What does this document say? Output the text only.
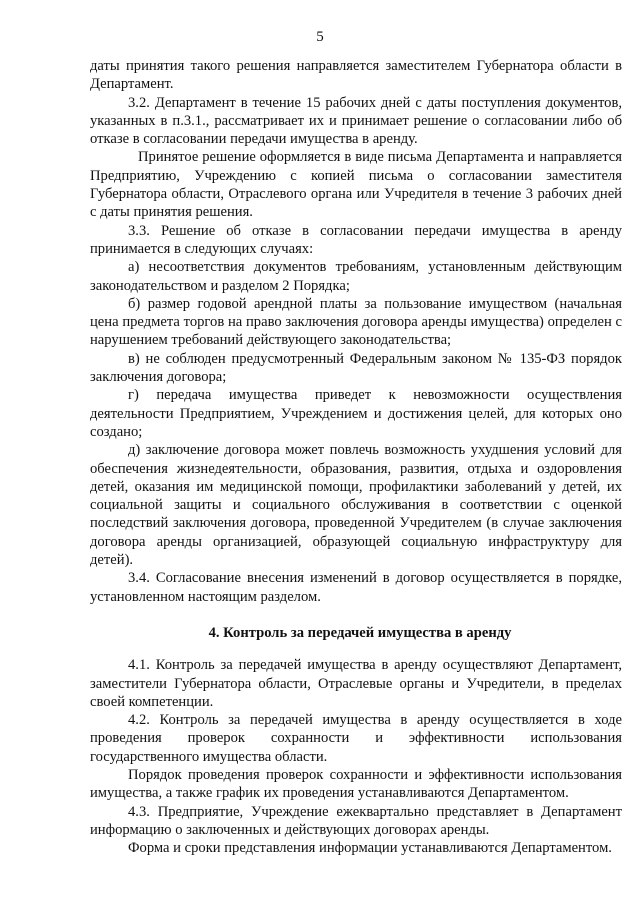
5

даты принятия такого решения направляется заместителем Губернатора области в Департамент.

3.2. Департамент в течение 15 рабочих дней с даты поступления документов, указанных в п.3.1., рассматривает их и принимает решение о согласовании либо об отказе в согласовании передачи имущества в аренду.

Принятое решение оформляется в виде письма Департамента и направляется Предприятию, Учреждению с копией письма о согласовании заместителя Губернатора области, Отраслевого органа или Учредителя в течение 3 рабочих дней с даты принятия решения.

3.3. Решение об отказе в согласовании передачи имущества в аренду принимается в следующих случаях:

а) несоответствия документов требованиям, установленным действующим законодательством и разделом 2 Порядка;

б) размер годовой арендной платы за пользование имуществом (начальная цена предмета торгов на право заключения договора аренды имущества) определен с нарушением требований действующего законодательства;

в) не соблюден предусмотренный Федеральным законом № 135-ФЗ порядок заключения договора;

г) передача имущества приведет к невозможности осуществления деятельности Предприятием, Учреждением и достижения целей, для которых оно создано;

д) заключение договора может повлечь возможность ухудшения условий для обеспечения жизнедеятельности, образования, развития, отдыха и оздоровления детей, оказания им медицинской помощи, профилактики заболеваний у детей, их социальной защиты и социального обслуживания в соответствии с оценкой последствий заключения договора, проведенной Учредителем (в случае заключения договора аренды организацией, образующей социальную инфраструктуру для детей).

3.4. Согласование внесения изменений в договор осуществляется в порядке, установленном настоящим разделом.

4. Контроль за передачей имущества в аренду

4.1. Контроль за передачей имущества в аренду осуществляют Департамент, заместители Губернатора области, Отраслевые органы и Учредители, в пределах своей компетенции.

4.2. Контроль за передачей имущества в аренду осуществляется в ходе проведения проверок сохранности и эффективности использования государственного имущества области.

Порядок проведения проверок сохранности и эффективности использования имущества, а также график их проведения устанавливаются Департаментом.

4.3. Предприятие, Учреждение ежеквартально представляет в Департамент информацию о заключенных и действующих договорах аренды.

Форма и сроки представления информации устанавливаются Департаментом.
